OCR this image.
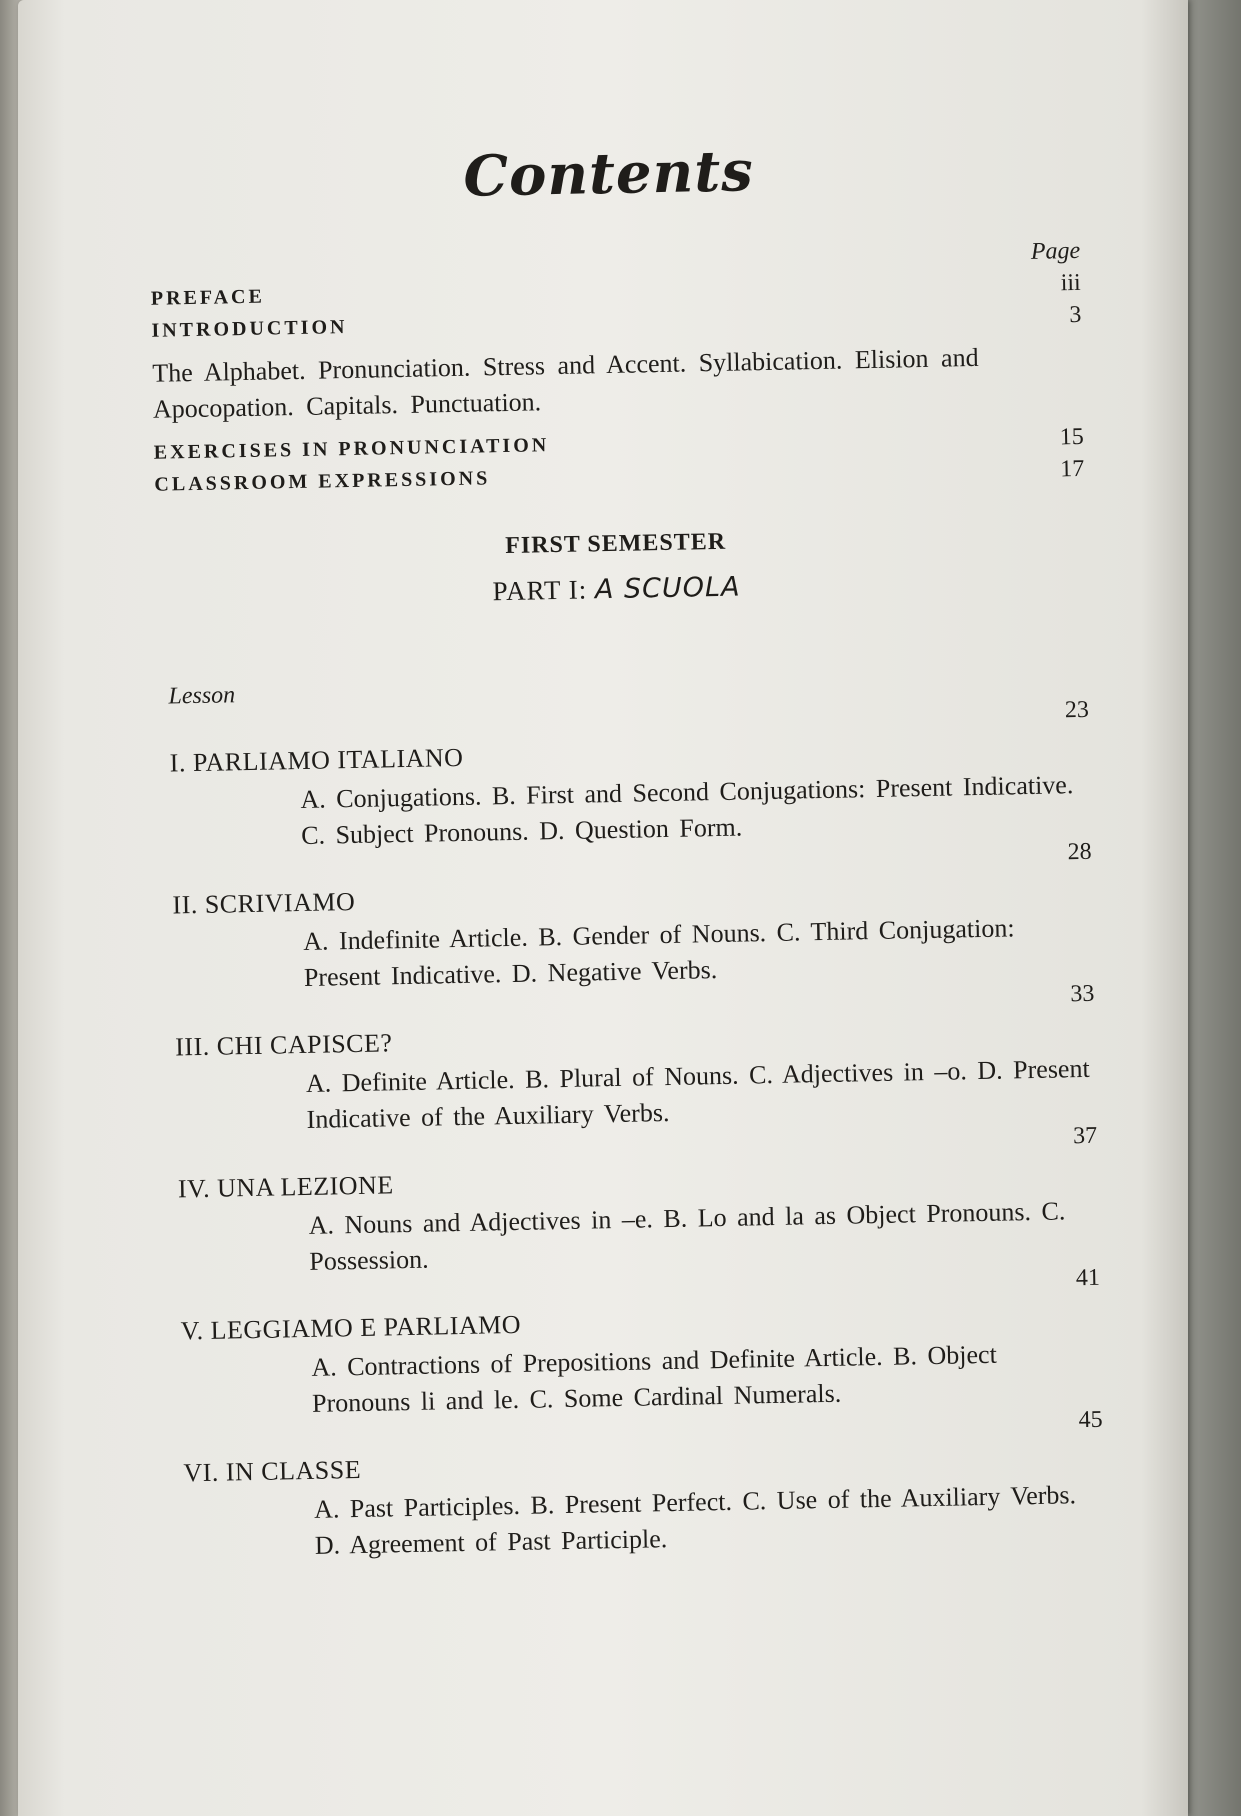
Contents
Page
PREFACE
iii
INTRODUCTION
3
The Alphabet. Pronunciation. Stress and Accent. Syllabication. Elision and Apocopation. Capitals. Punctuation.
EXERCISES IN PRONUNCIATION	15
CLASSROOM EXPRESSIONS	17
FIRST SEMESTER
PART I: A SCUOLA
Lesson
23
I. PARLIAMO ITALIANO
A. Conjugations. B. First and Second Conjugations: Present Indicative. C. Subject Pronouns. D. Question Form.
28
II. SCRIVIAMO
A. Indefinite Article. B. Gender of Nouns. C. Third Conjugation: Present Indicative. D. Negative Verbs.
33
III. CHI CAPISCE?
A. Definite Article. B. Plural of Nouns. C. Adjectives in –o. D. Present Indicative of the Auxiliary Verbs.
37
IV. UNA LEZIONE
A. Nouns and Adjectives in –e. B. Lo and la as Object Pronouns. C. Possession.
41
V. LEGGIAMO E PARLIAMO
A. Contractions of Prepositions and Definite Article. B. Object Pronouns li and le. C. Some Cardinal Numerals.
45
VI. IN CLASSE
A. Past Participles. B. Present Perfect. C. Use of the Auxiliary Verbs. D. Agreement of Past Participle.
